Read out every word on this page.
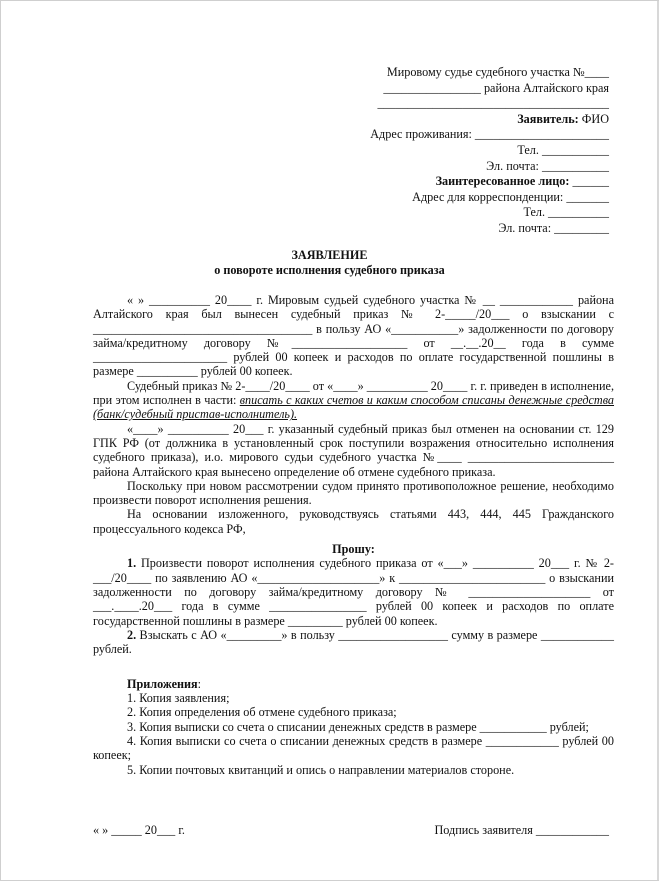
Мировому судье судебного участка №____
________________ района Алтайского края
______________________________________
Заявитель: ФИО
Адрес проживания: ______________________
Тел. ___________
Эл. почта: ___________
Заинтересованное лицо: ______
Адрес для корреспонденции: _______
Тел. __________
Эл. почта: _________
ЗАЯВЛЕНИЕ
о повороте исполнения судебного приказа

« » __________ 20____ г. Мировым судьей судебного участка № __ ____________ района Алтайского края был вынесен судебный приказ № 2-_____/20___ о взыскании с ____________________________________ в пользу АО «___________» задолженности по договору займа/кредитному договору №___________________ от __.__.20__ года в сумме ______________________ рублей 00 копеек и расходов по оплате государственной пошлины в размере __________ рублей 00 копеек.

Судебный приказ № 2-____/20____ от «____» __________ 20____ г. г. приведен в исполнение, при этом исполнен в части: вписать с каких счетов и каким способом списаны денежные средства (банк/судебный пристав-исполнитель).

«____» __________ 20___ г. указанный судебный приказ был отменен на основании ст. 129 ГПК РФ (от должника в установленный срок поступили возражения относительно исполнения судебного приказа), и.о. мирового судьи судебного участка №____ ________________________ района Алтайского края вынесено определение об отмене судебного приказа.

Поскольку при новом рассмотрении судом принято противоположное решение, необходимо произвести поворот исполнения решения.

На основании изложенного, руководствуясь статьями 443, 444, 445 Гражданского процессуального кодекса РФ,

Прошу:

1. Произвести поворот исполнения судебного приказа от «___» __________ 20___ г. № 2-___/20____ по заявлению АО «____________________» к ________________________ о взыскании задолженности по договору займа/кредитному договору № ____________________ от ___.____.20___ года в сумме ________________ рублей 00 копеек и расходов по оплате государственной пошлины в размере _________ рублей 00 копеек.

2. Взыскать с АО «_________» в пользу __________________ сумму в размере ____________ рублей.

Приложения:

1. Копия заявления;

2. Копия определения об отмене судебного приказа;

3. Копия выписки со счета о списании денежных средств в размере ___________ рублей;

4. Копия выписки со счета о списании денежных средств в размере ____________ рублей 00 копеек;

5. Копии почтовых квитанций и опись о направлении материалов стороне.

« » _____ 20___ г.	Подпись заявителя ____________
